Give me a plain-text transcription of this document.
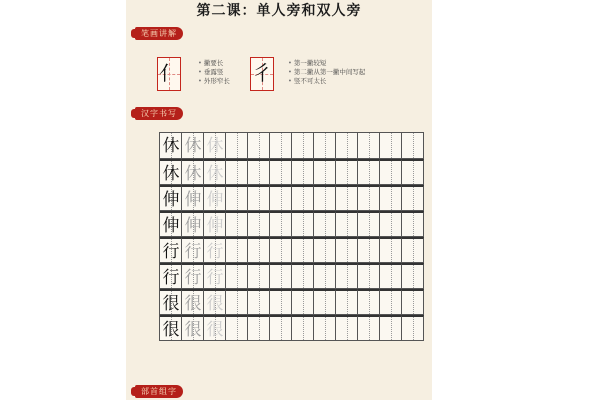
第二课：单人旁和双人旁
笔画讲解
亻	• 撇要长
• 垂露竖
• 外形窄长 彳	• 第一撇较短
• 第二撇从第一撇中间写起
• 竖不可太长
汉字书写
休 休 休
休 休 休
伸 伸 伸
伸 伸 伸
行 行 行
行 行 行
很 很 很
很 很 很
部首组字
